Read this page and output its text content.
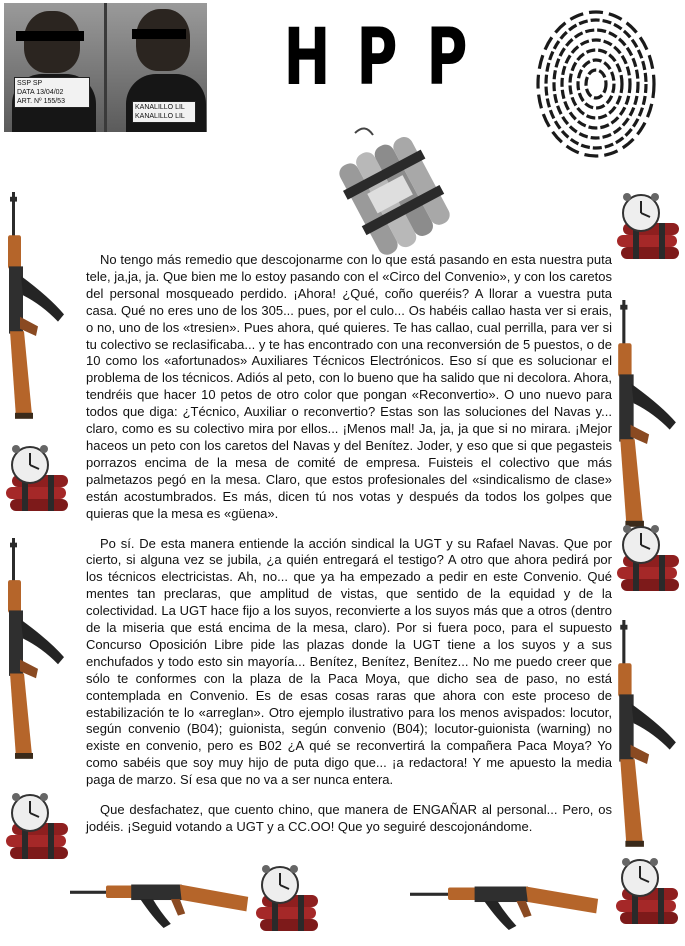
SSP SP
DATA 13/04/02
ART. Nº 155/53
KANALILLO LIL
KANALILLO LIL
H P P

No tengo más remedio que descojonarme con lo que está pasando en esta nuestra puta tele, ja,ja, ja. Que bien me lo estoy pasando con el «Circo del Convenio», y con los caretos del personal mosqueado perdido. ¡Ahora! ¿Qué, coño queréis? A llorar a vuestra puta casa. Qué no eres uno de los 305... pues, por el culo... Os habéis callao hasta ver si erais, o no, uno de los «tresien». Pues ahora, qué quieres. Te has callao, cual perrilla, para ver si tu colectivo se reclasificaba... y te has encontrado con una reconversión de 5 puestos, o de 10 como los «afortunados» Auxiliares Técnicos Electrónicos. Eso sí que es solucionar el problema de los técnicos. Adiós al peto, con lo bueno que ha salido que ni decolora. Ahora, tendréis que hacer 10 petos de otro color que pongan «Reconvertio». O uno nuevo para todos que diga: ¿Técnico, Auxiliar o reconvertio? Estas son las soluciones del Navas y... claro, como es su colectivo mira por ellos... ¡Menos mal! Ja, ja, ja que si no mirara. ¡Mejor haceos un peto con los caretos del Navas y del Benítez. Joder, y eso que si que pegasteis porrazos encima de la mesa de comité de empresa. Fuisteis el colectivo que más palmetazos pegó en la mesa. Claro, que estos profesionales del «sindicalismo de clase» están acostumbrados. Es más, dicen tú nos votas y después da todos los golpes que quieras que la mesa es «güena».

Po sí. De esta manera entiende la acción sindical la UGT y su Rafael Navas. Que por cierto, si alguna vez se jubila, ¿a quién entregará el testigo? A otro que ahora pedirá por los técnicos electricistas. Ah, no... que ya ha empezado a pedir en este Convenio. Qué mentes tan preclaras, que amplitud de vistas, que sentido de la equidad y de la colectividad. La UGT hace fijo a los suyos, reconvierte a los suyos más que a otros (dentro de la miseria que está encima de la mesa, claro). Por si fuera poco, para el supuesto Concurso Oposición Libre pide las plazas donde la UGT tiene a los suyos y a sus enchufados y todo esto sin mayoría... Benítez, Benítez, Benítez... No me puedo creer que sólo te conformes con la plaza de la Paca Moya, que dicho sea de paso, no está contemplada en Convenio. Es de esas cosas raras que ahora con este proceso de estabilización te lo «arreglan». Otro ejemplo ilustrativo para los menos avispados: locutor, según convenio (B04); guionista, según convenio (B04); locutor-guionista (warning) no existe en convenio, pero es B02 ¿A qué se reconvertirá la compañera Paca Moya? Yo como sabéis que soy muy hijo de puta digo que... ¡a redactora! Y me apuesto la media paga de marzo. Sí esa que no va a ser nunca entera.

Que desfachatez, que cuento chino, que manera de ENGAÑAR al personal... Pero, os jodéis. ¡Seguid votando a UGT y a CC.OO! Que yo seguiré descojonándome.
